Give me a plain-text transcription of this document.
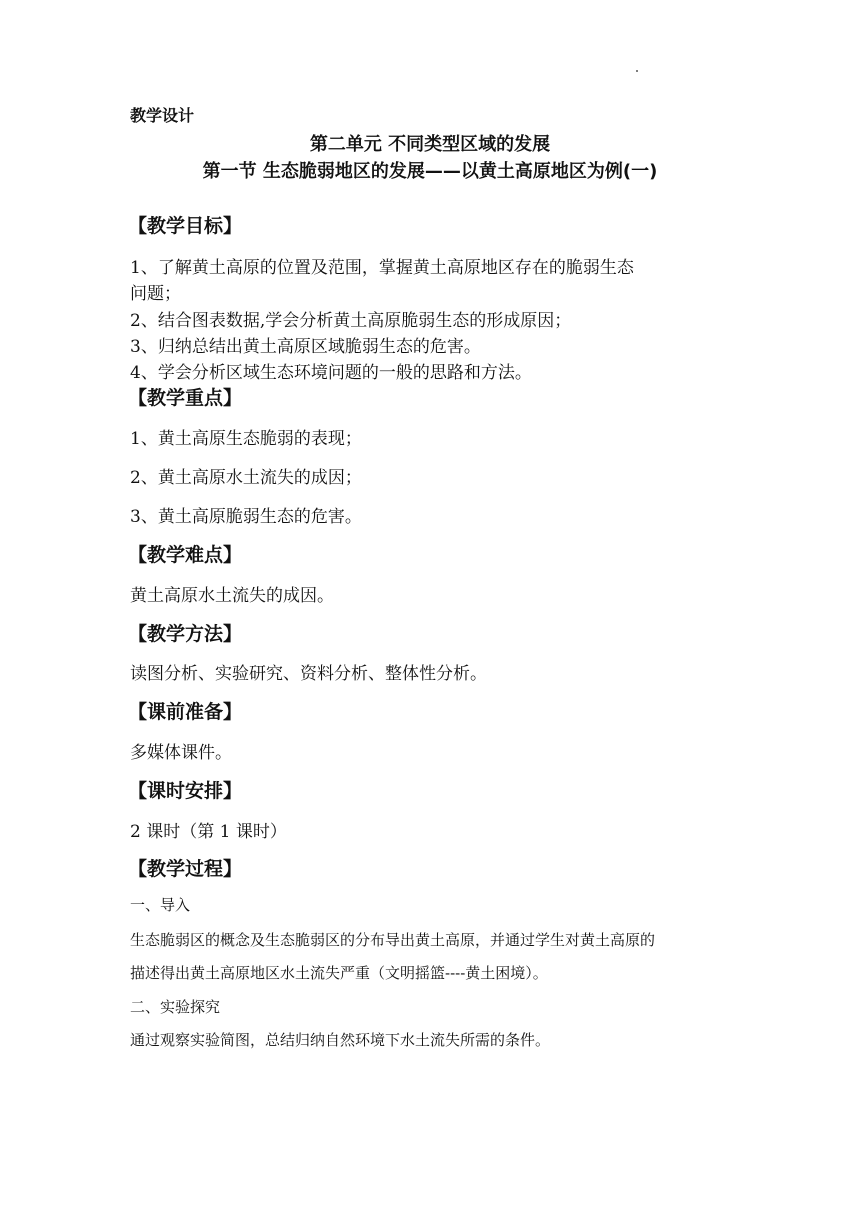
教学设计
第二单元 不同类型区域的发展
第一节 生态脆弱地区的发展——以黄土高原地区为例(一)
【教学目标】
1、了解黄土高原的位置及范围，掌握黄土高原地区存在的脆弱生态
问题；
2、结合图表数据,学会分析黄土高原脆弱生态的形成原因；
3、归纳总结出黄土高原区域脆弱生态的危害。
4、学会分析区域生态环境问题的一般的思路和方法。
【教学重点】
1、黄土高原生态脆弱的表现；
2、黄土高原水土流失的成因；
3、黄土高原脆弱生态的危害。
【教学难点】
黄土高原水土流失的成因。
【教学方法】
读图分析、实验研究、资料分析、整体性分析。
【课前准备】
多媒体课件。
【课时安排】
2 课时（第 1 课时）
【教学过程】
一、导入
生态脆弱区的概念及生态脆弱区的分布导出黄土高原，并通过学生对黄土高原的
描述得出黄土高原地区水土流失严重（文明摇篮----黄土困境）。
二、实验探究
通过观察实验简图，总结归纳自然环境下水土流失所需的条件。
